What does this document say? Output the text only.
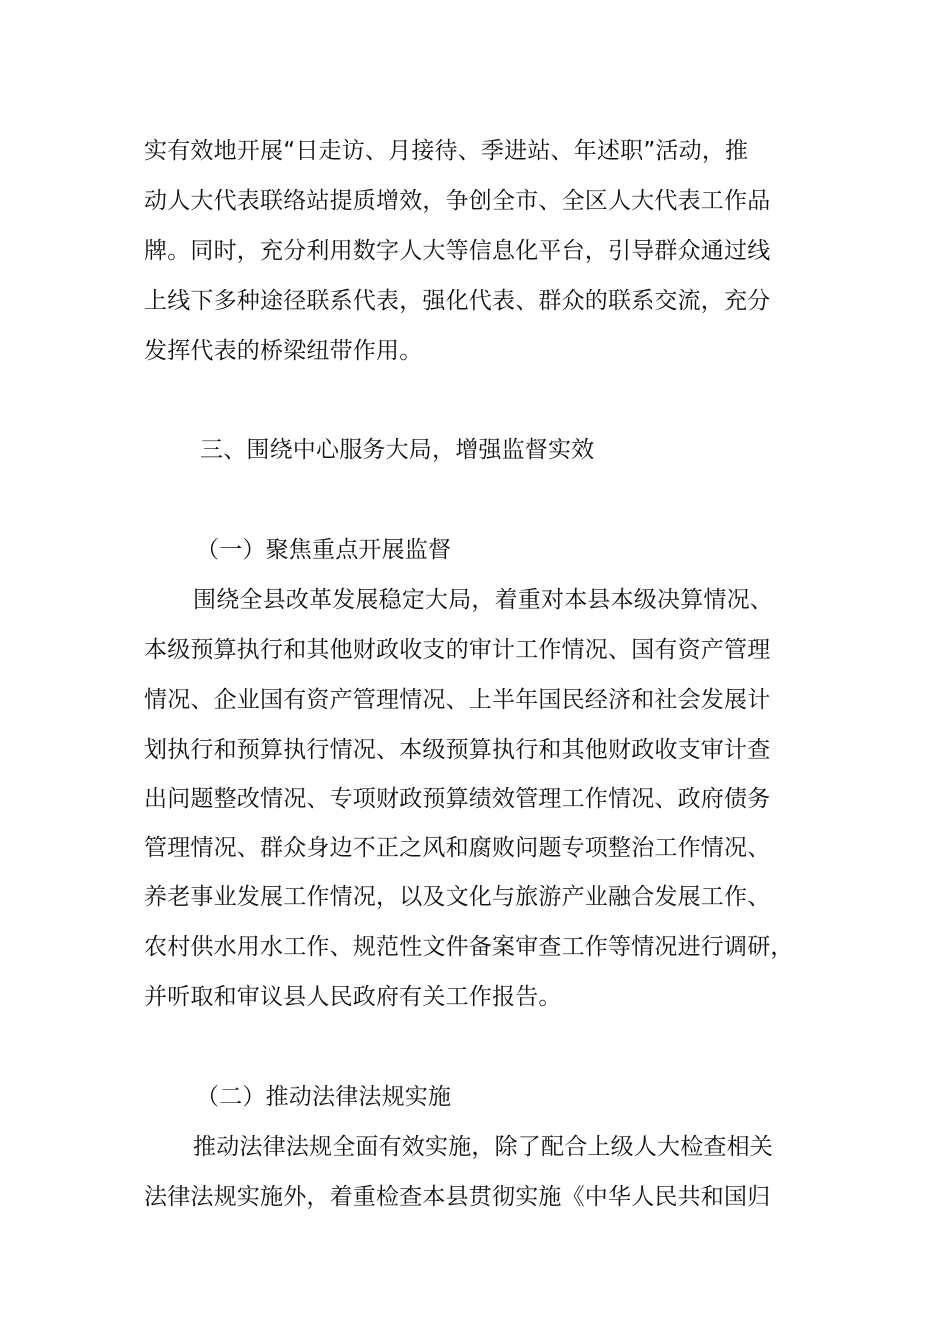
实有效地开展“日走访、月接待、季进站、年述职”活动，推
动人大代表联络站提质增效，争创全市、全区人大代表工作品
牌。同时，充分利用数字人大等信息化平台，引导群众通过线
上线下多种途径联系代表，强化代表、群众的联系交流，充分
发挥代表的桥梁纽带作用。
三、围绕中心服务大局，增强监督实效
（一）聚焦重点开展监督
围绕全县改革发展稳定大局，着重对本县本级决算情况、
本级预算执行和其他财政收支的审计工作情况、国有资产管理
情况、企业国有资产管理情况、上半年国民经济和社会发展计
划执行和预算执行情况、本级预算执行和其他财政收支审计查
出问题整改情况、专项财政预算绩效管理工作情况、政府债务
管理情况、群众身边不正之风和腐败问题专项整治工作情况、
养老事业发展工作情况，以及文化与旅游产业融合发展工作、
农村供水用水工作、规范性文件备案审查工作等情况进行调研，
并听取和审议县人民政府有关工作报告。
（二）推动法律法规实施
推动法律法规全面有效实施，除了配合上级人大检查相关
法律法规实施外，着重检查本县贯彻实施《中华人民共和国归
